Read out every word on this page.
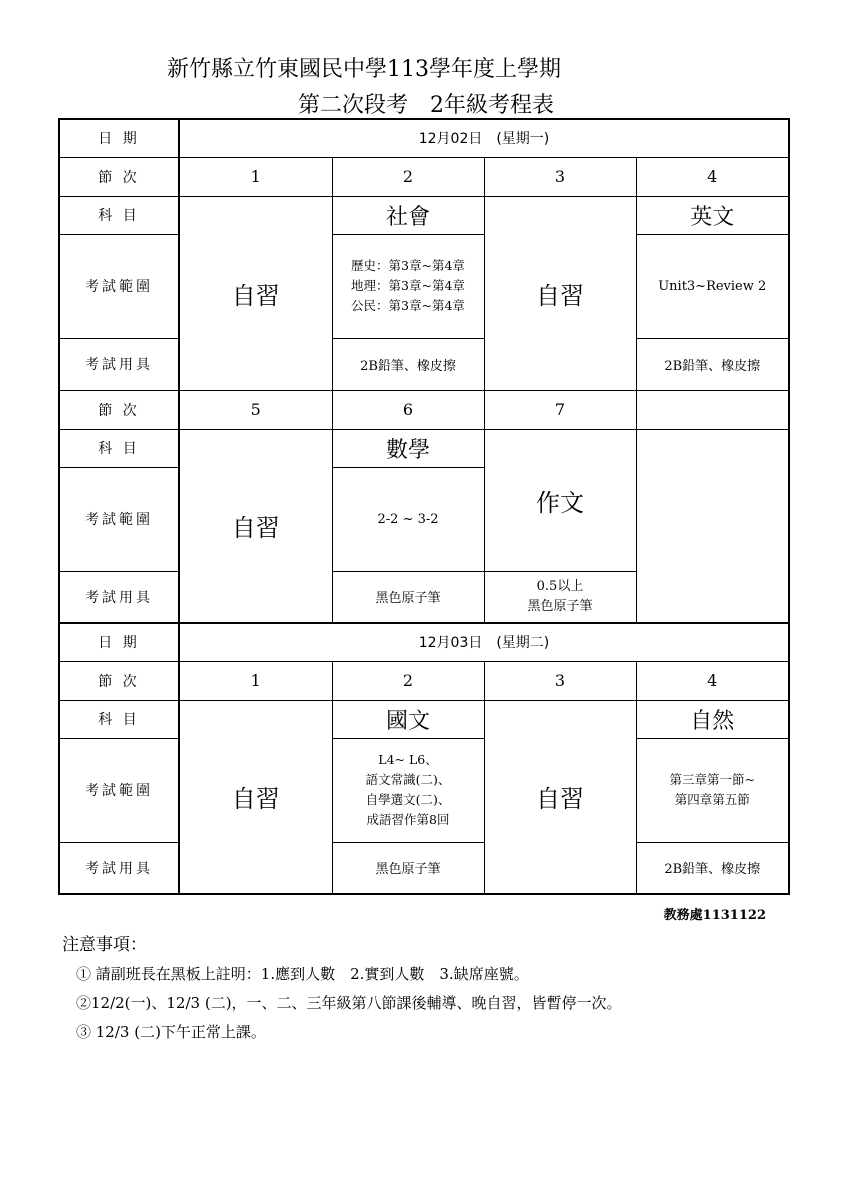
新竹縣立竹東國民中學113學年度上學期
第二次段考　2年級考程表
日 期	12月02日　(星期一)			
節 次	1	2	3	4
科 目	自習	社會	自習	英文
考試範圍		歷史：第3章~第4章
地理：第3章~第4章
公民：第3章~第4章		Unit3~Review 2
考試用具		2B鉛筆、橡皮擦		2B鉛筆、橡皮擦
節 次	5	6	7	
科 目	自習	數學	作文	
考試範圍		2-2 ~ 3-2		
考試用具		黑色原子筆	0.5以上
黑色原子筆	

日 期	12月03日　(星期二)			
節 次	1	2	3	4
科 目	自習	國文	自習	自然
考試範圍		L4~ L6、
語文常識(二)、
自學選文(二)、
成語習作第8回		第三章第一節~
第四章第五節

考試用具		黑色原子筆		2B鉛筆、橡皮擦
教務處1131122
注意事項：
① 請副班長在黑板上註明：1.應到人數　2.實到人數　3.缺席座號。
②12/2(一)、12/3 (二)，一、二、三年級第八節課後輔導、晚自習，皆暫停一次。
③ 12/3 (二)下午正常上課。
